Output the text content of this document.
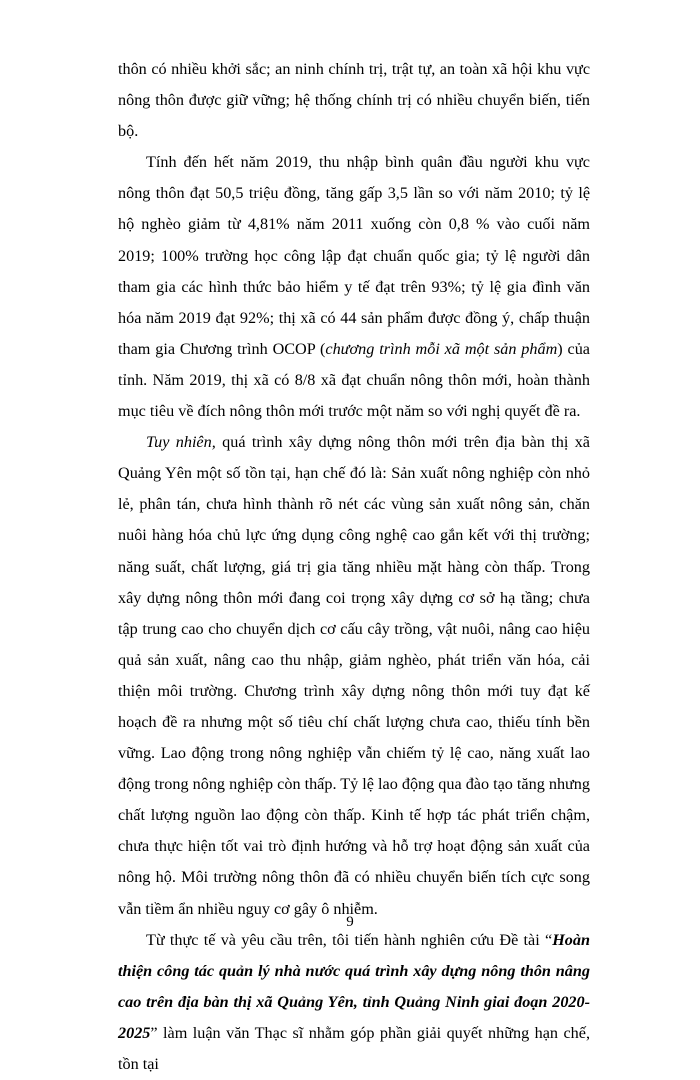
thôn có nhiều khởi sắc; an ninh chính trị, trật tự, an toàn xã hội khu vực nông thôn được giữ vững; hệ thống chính trị có nhiều chuyển biến, tiến bộ.

Tính đến hết năm 2019, thu nhập bình quân đầu người khu vực nông thôn đạt 50,5 triệu đồng, tăng gấp 3,5 lần so với năm 2010; tỷ lệ hộ nghèo giảm từ 4,81% năm 2011 xuống còn 0,8 % vào cuối năm 2019; 100% trường học công lập đạt chuẩn quốc gia; tỷ lệ người dân tham gia các hình thức bảo hiểm y tế đạt trên 93%; tỷ lệ gia đình văn hóa năm 2019 đạt 92%; thị xã có 44 sản phẩm được đồng ý, chấp thuận tham gia Chương trình OCOP (chương trình mỗi xã một sản phẩm) của tỉnh. Năm 2019, thị xã có 8/8 xã đạt chuẩn nông thôn mới, hoàn thành mục tiêu về đích nông thôn mới trước một năm so với nghị quyết đề ra.

Tuy nhiên, quá trình xây dựng nông thôn mới trên địa bàn thị xã Quảng Yên một số tồn tại, hạn chế đó là: Sản xuất nông nghiệp còn nhỏ lẻ, phân tán, chưa hình thành rõ nét các vùng sản xuất nông sản, chăn nuôi hàng hóa chủ lực ứng dụng công nghệ cao gắn kết với thị trường; năng suất, chất lượng, giá trị gia tăng nhiều mặt hàng còn thấp. Trong xây dựng nông thôn mới đang coi trọng xây dựng cơ sở hạ tầng; chưa tập trung cao cho chuyển dịch cơ cấu cây trồng, vật nuôi, nâng cao hiệu quả sản xuất, nâng cao thu nhập, giảm nghèo, phát triển văn hóa, cải thiện môi trường. Chương trình xây dựng nông thôn mới tuy đạt kế hoạch đề ra nhưng một số tiêu chí chất lượng chưa cao, thiếu tính bền vững. Lao động trong nông nghiệp vẫn chiếm tỷ lệ cao, năng xuất lao động trong nông nghiệp còn thấp. Tỷ lệ lao động qua đào tạo tăng nhưng chất lượng nguồn lao động còn thấp. Kinh tế hợp tác phát triển chậm, chưa thực hiện tốt vai trò định hướng và hỗ trợ hoạt động sản xuất của nông hộ. Môi trường nông thôn đã có nhiều chuyển biến tích cực song vẫn tiềm ẩn nhiều nguy cơ gây ô nhiễm.

Từ thực tế và yêu cầu trên, tôi tiến hành nghiên cứu Đề tài “Hoàn thiện công tác quản lý nhà nước quá trình xây dựng nông thôn nâng cao trên địa bàn thị xã Quảng Yên, tỉnh Quảng Ninh giai đoạn 2020-2025” làm luận văn Thạc sĩ nhằm góp phần giải quyết những hạn chế, tồn tại

9
